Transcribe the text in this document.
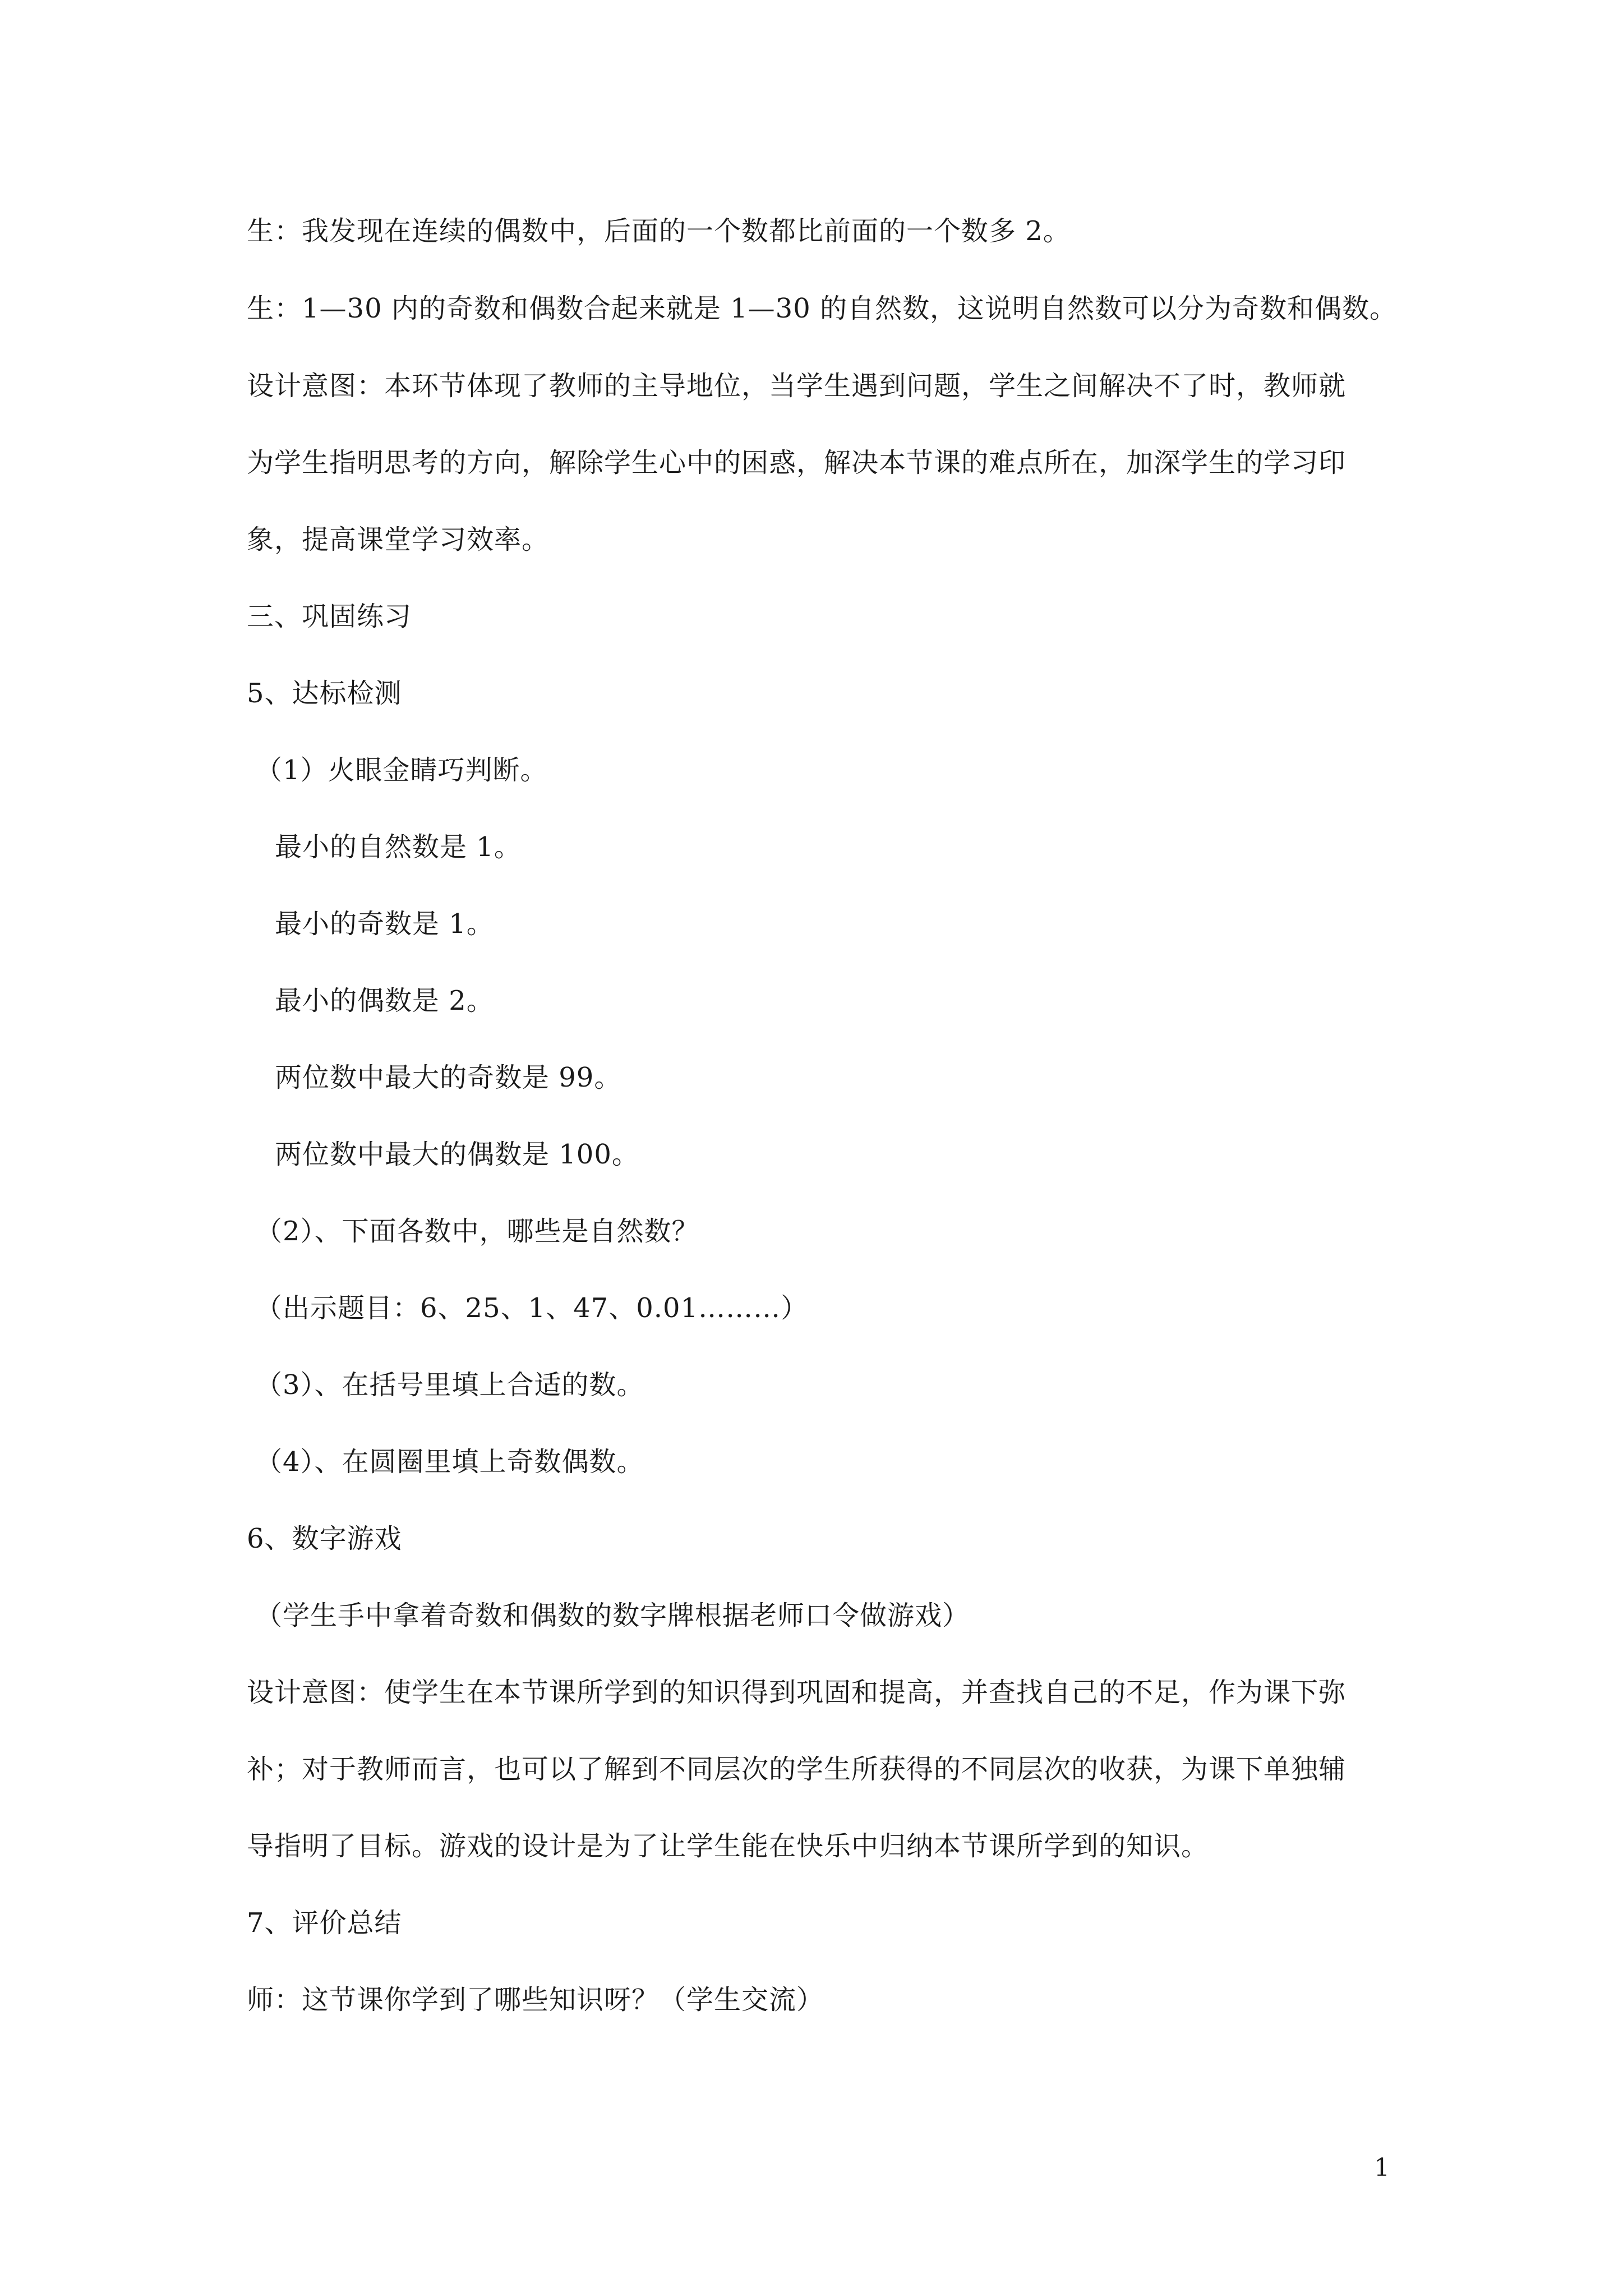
生：我发现在连续的偶数中，后面的一个数都比前面的一个数多 2。
生：1—30 内的奇数和偶数合起来就是 1—30 的自然数，这说明自然数可以分为奇数和偶数。
设计意图：本环节体现了教师的主导地位，当学生遇到问题，学生之间解决不了时，教师就
为学生指明思考的方向，解除学生心中的困惑，解决本节课的难点所在，加深学生的学习印
象，提高课堂学习效率。
三、巩固练习
5、达标检测
（1）火眼金睛巧判断。
最小的自然数是 1。
最小的奇数是 1。
最小的偶数是 2。
两位数中最大的奇数是 99。
两位数中最大的偶数是 100。
（2）、下面各数中，哪些是自然数？
（出示题目：6、25、1、47、0.01………）
（3）、在括号里填上合适的数。
（4）、在圆圈里填上奇数偶数。
6、数字游戏
（学生手中拿着奇数和偶数的数字牌根据老师口令做游戏）
设计意图：使学生在本节课所学到的知识得到巩固和提高，并查找自己的不足，作为课下弥
补；对于教师而言，也可以了解到不同层次的学生所获得的不同层次的收获，为课下单独辅
导指明了目标。游戏的设计是为了让学生能在快乐中归纳本节课所学到的知识。
7、评价总结
师：这节课你学到了哪些知识呀？（学生交流）
1
